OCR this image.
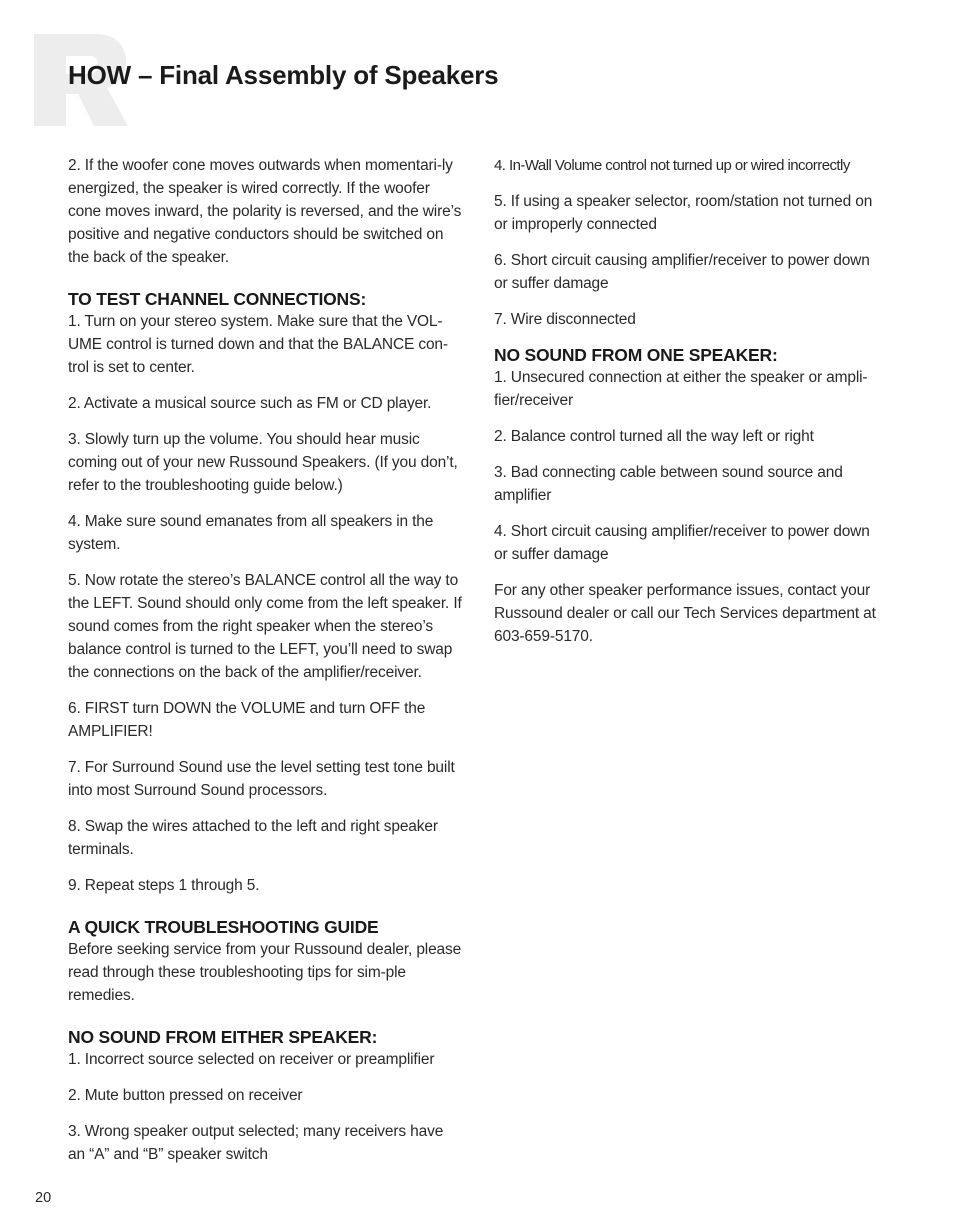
HOW – Final Assembly of Speakers

2. If the woofer cone moves outwards when momentari-ly energized, the speaker is wired correctly. If the woofer cone moves inward, the polarity is reversed, and the wire’s positive and negative conductors should be switched on the back of the speaker.

TO TEST CHANNEL CONNECTIONS:

1. Turn on your stereo system. Make sure that the VOL-UME control is turned down and that the BALANCE con-trol is set to center.

2. Activate a musical source such as FM or CD player.

3. Slowly turn up the volume. You should hear music coming out of your new Russound Speakers. (If you don’t, refer to the troubleshooting guide below.)

4. Make sure sound emanates from all speakers in the system.

5. Now rotate the stereo’s BALANCE control all the way to the LEFT. Sound should only come from the left speaker. If sound comes from the right speaker when the stereo’s balance control is turned to the LEFT, you’ll need to swap the connections on the back of the amplifier/receiver.

6. FIRST turn DOWN the VOLUME and turn OFF the AMPLIFIER!

7. For Surround Sound use the level setting test tone built into most Surround Sound processors.

8. Swap the wires attached to the left and right speaker terminals.

9. Repeat steps 1 through 5.

A QUICK TROUBLESHOOTING GUIDE

Before seeking service from your Russound dealer, please read through these troubleshooting tips for sim-ple remedies.

NO SOUND FROM EITHER SPEAKER:

1. Incorrect source selected on receiver or preamplifier

2. Mute button pressed on receiver

3. Wrong speaker output selected; many receivers have an “A” and “B” speaker switch

4. In-Wall Volume control not turned up or wired incorrectly

5. If using a speaker selector, room/station not turned on or improperly connected

6. Short circuit causing amplifier/receiver to power down or suffer damage

7. Wire disconnected

NO SOUND FROM ONE SPEAKER:

1. Unsecured connection at either the speaker or ampli-fier/receiver

2. Balance control turned all the way left or right

3. Bad connecting cable between sound source and amplifier

4. Short circuit causing amplifier/receiver to power down or suffer damage

For any other speaker performance issues, contact your Russound dealer or call our Tech Services department at 603-659-5170.

20
